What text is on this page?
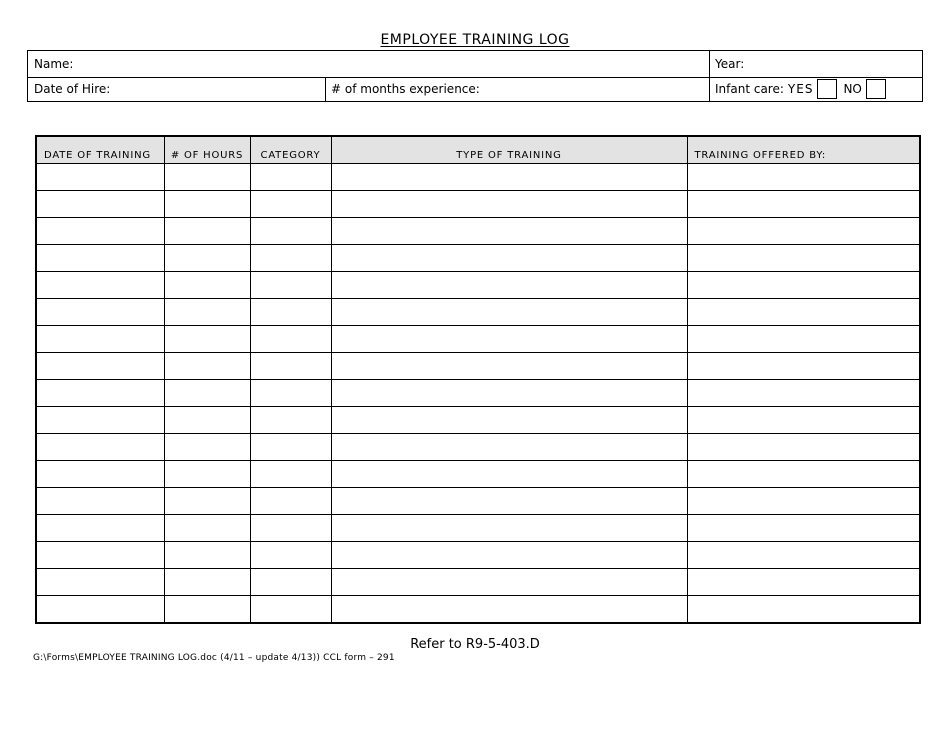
EMPLOYEE TRAINING LOG
Name:	Year:
Date of Hire:	# of months experience:	Infant care: YES	NO
DATE OF TRAINING	# OF HOURS	CATEGORY	TYPE OF TRAINING	TRAINING OFFERED BY:

Refer to R9-5-403.D
G:\Forms\EMPLOYEE TRAINING LOG.doc (4/11 – update 4/13)) CCL form – 291
